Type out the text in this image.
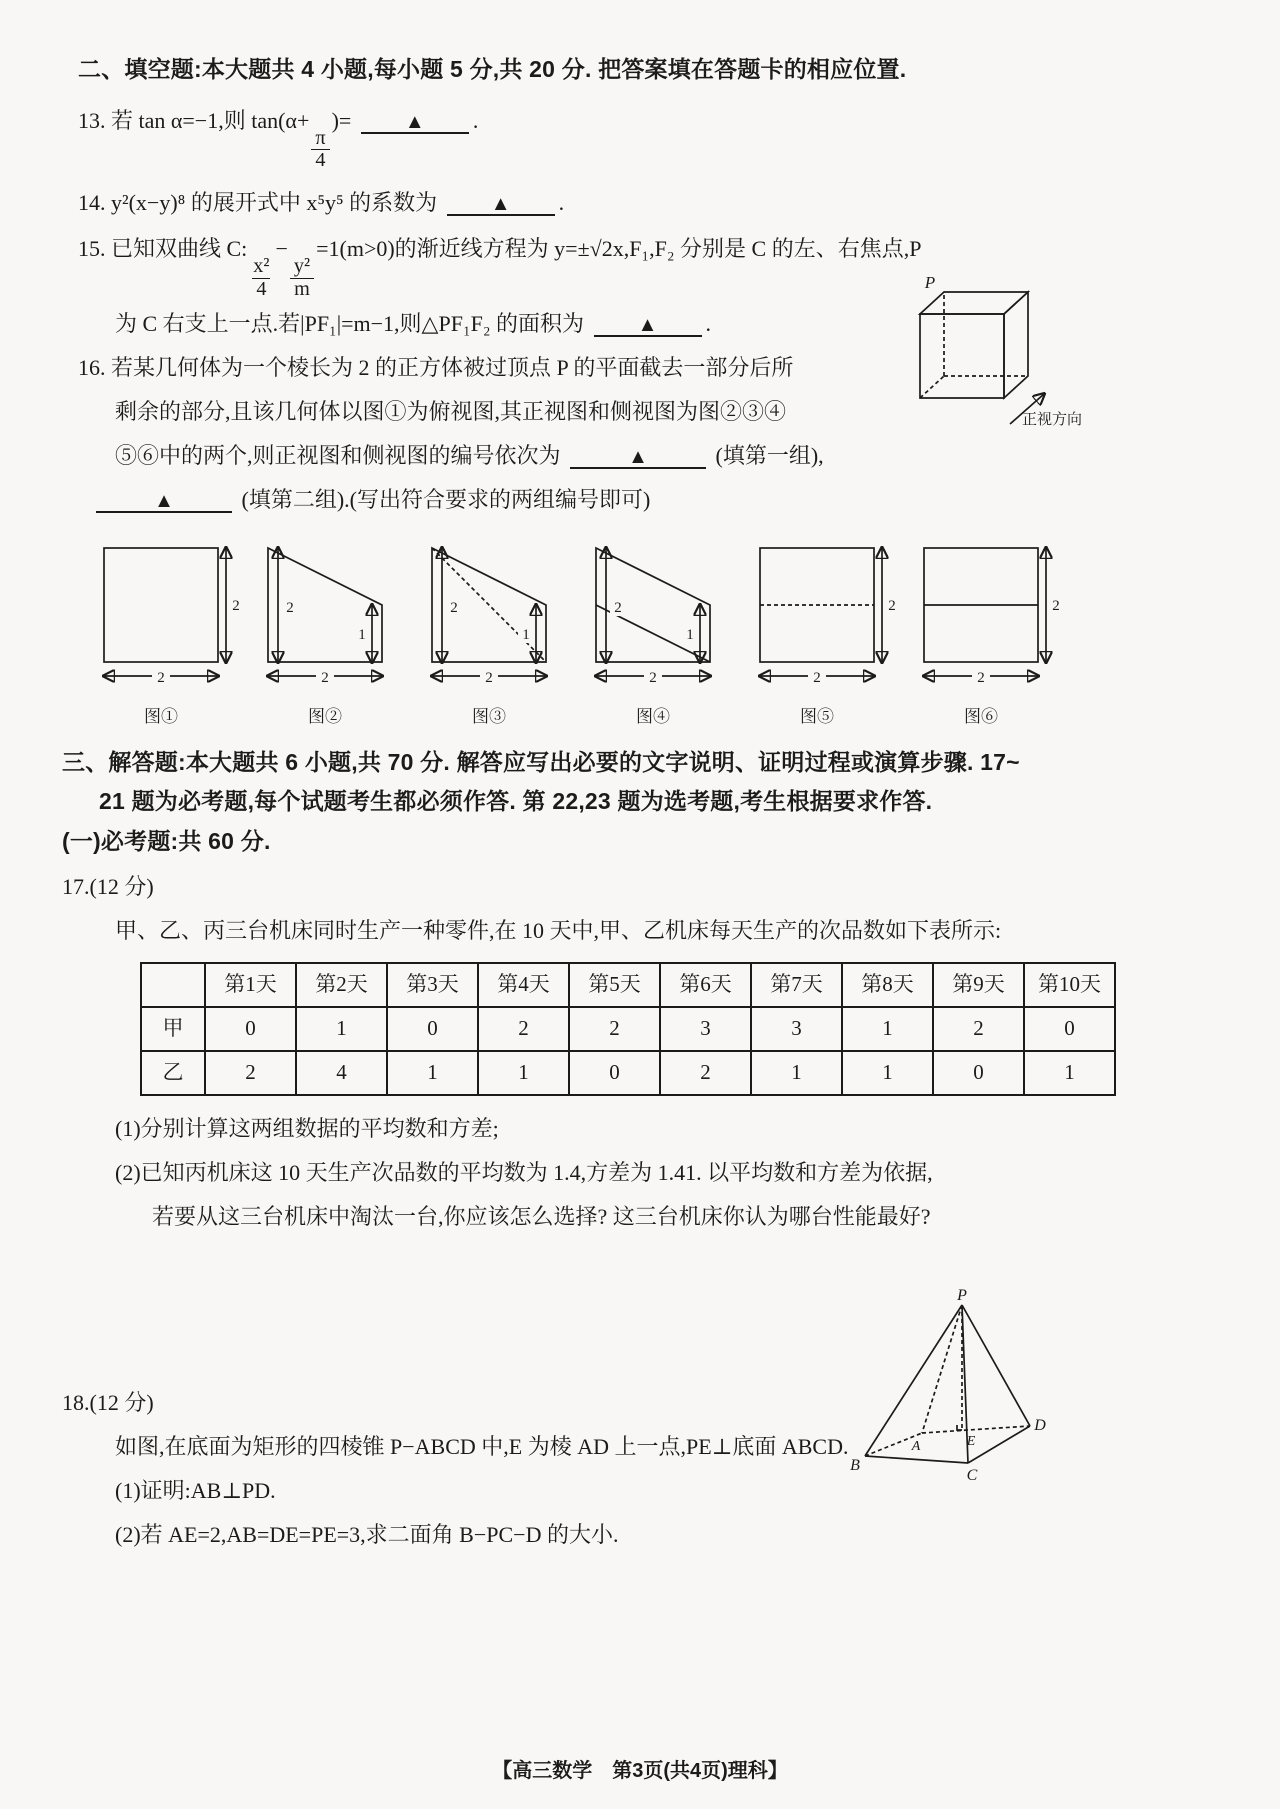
二、填空题:本大题共 4 小题,每小题 5 分,共 20 分. 把答案填在答题卡的相应位置.
13. 若 tan α=−1,则 tan(α+
$\frac{\pi}{4}$
)=	▲ .
14. y²(x−y)⁸ 的展开式中 x⁵y⁵ 的系数为	▲ .
15. 已知双曲线 C:
$\frac{\text{x²}}{4}$
−
$\frac{\text{y²}}{m}$
=1(m>0)的渐近线方程为 y=±√2x,F₁,F₂ 分别是 C 的左、右焦点,P
为 C 右支上一点.若|PF₁|=m−1,则△PF₁F₂ 的面积为	▲ .
16. 若某几何体为一个棱长为 2 的正方体被过顶点 P 的平面截去一部分后所
剩余的部分,且该几何体以图①为俯视图,其正视图和侧视图为图②③④
⑤⑥中的两个,则正视图和侧视图的编号依次为	▲	(填第一组),
▲	(填第二组).(写出符合要求的两组编号即可)
P
正视方向
2
2
图①
2
1
2
图②
2
1
2
图③
2
1
2
图④
2
2
图⑤
2
2
图⑥
三、解答题:本大题共 6 小题,共 70 分. 解答应写出必要的文字说明、证明过程或演算步骤. 17~
21 题为必考题,每个试题考生都必须作答. 第 22,23 题为选考题,考生根据要求作答.
(一)必考题:共 60 分.
17.(12 分)
甲、乙、丙三台机床同时生产一种零件,在 10 天中,甲、乙机床每天生产的次品数如下表所示:
	第1天	第2天	第3天	第4天	第5天	第6天	第7天	第8天	第9天	第10天
甲	0	1	0	2	2	3	3	1	2	0
乙	2	4	1	1	0	2	1	1	0	1
(1)分别计算这两组数据的平均数和方差;
(2)已知丙机床这 10 天生产次品数的平均数为 1.4,方差为 1.41. 以平均数和方差为依据,
若要从这三台机床中淘汰一台,你应该怎么选择? 这三台机床你认为哪台性能最好?
18.(12 分)
如图,在底面为矩形的四棱锥 P−ABCD 中,E 为棱 AD 上一点,PE⊥底面 ABCD.
(1)证明:AB⊥PD.
(2)若 AE=2,AB=DE=PE=3,求二面角 B−PC−D 的大小.
P
A	E
B
C
D
【高三数学　第3页(共4页)理科】
